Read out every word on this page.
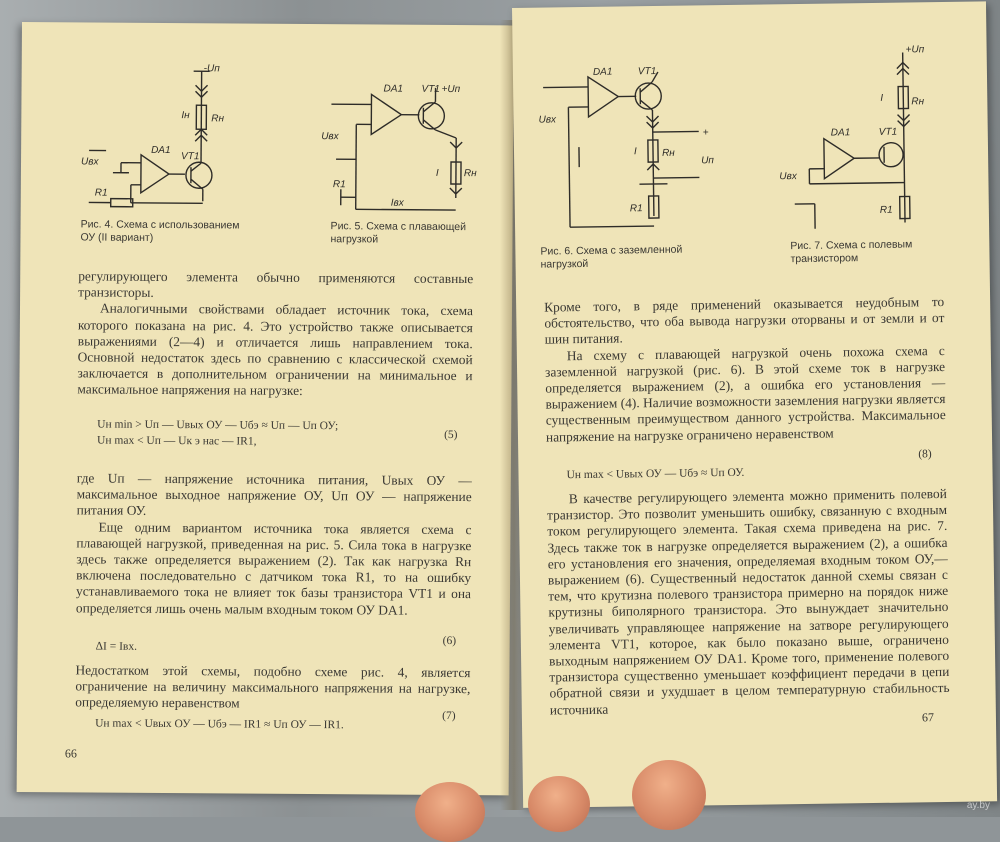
-Uп
Iн Rн
DA1
VT1
Uвх
R1
DA1 VT1 +Uп
Uвх
I	Rн
R1
Iвх
Рис. 4. Схема с использованием ОУ (II вариант)
Рис. 5. Схема с плавающей нагрузкой

регулирующего элемента обычно применяются составные транзисторы.

Аналогичными свойствами обладает источник тока, схема которого показана на рис. 4. Это устройство также описывается выражениями (2—4) и отличается лишь направлением тока. Основной недостаток здесь по сравнению с классической схемой заключается в дополнительном ограничении на минимальное и максимальное напряжения на нагрузке:

Uн min > Uп — Uвых ОУ — Uбэ ≈ Uп — Uп ОУ;
Uн max < Uп — Uк э нас — IR1,	(5)

где Uп — напряжение источника питания, Uвых ОУ — максимальное выходное напряжение ОУ, Uп ОУ — напряжение питания ОУ.

Еще одним вариантом источника тока является схема с плавающей нагрузкой, приведенная на рис. 5. Сила тока в нагрузке здесь также определяется выражением (2). Так как нагрузка Rн включена последовательно с датчиком тока R1, то на ошибку устанавливаемого тока не влияет ток базы транзистора VT1 и она определяется лишь очень малым входным током ОУ DA1.

ΔI = Iвх.	(6)

Недостатком этой схемы, подобно схеме рис. 4, является ограничение на величину максимального напряжения на нагрузке, определяемую неравенством

Uн max < Uвых ОУ — Uбэ — IR1 ≈ Uп ОУ — IR1.
(7)
66
DA1	VT1
Uвх
I	Rн
+
Uп
R1
+Uп
I	Rн
DA1	VT1
Uвх
R1
Рис. 6. Схема с заземленной нагрузкой
Рис. 7. Схема с полевым транзистором

Кроме того, в ряде применений оказывается неудобным то обстоятельство, что оба вывода нагрузки оторваны и от земли и от шин питания.

На схему с плавающей нагрузкой очень похожа схема с заземленной нагрузкой (рис. 6). В этой схеме ток в нагрузке определяется выражением (2), а ошибка его установления — выражением (4). Наличие возможности заземления нагрузки является существенным преимуществом данного устройства. Максимальное напряжение на нагрузке ограничено неравенством

Uн max < Uвых ОУ — Uбэ ≈ Uп ОУ.
(8)

В качестве регулирующего элемента можно применить полевой транзистор. Это позволит уменьшить ошибку, связанную с входным током регулирующего элемента. Такая схема приведена на рис. 7. Здесь также ток в нагрузке определяется выражением (2), а ошибка его установления его значения, определяемая входным током ОУ,— выражением (6). Существенный недостаток данной схемы связан с тем, что крутизна полевого транзистора примерно на порядок ниже крутизны биполярного транзистора. Это вынуждает значительно увеличивать управляющее напряжение на затворе регулирующего элемента VT1, которое, как было показано выше, ограничено выходным напряжением ОУ DA1. Кроме того, применение полевого транзистора существенно уменьшает коэффициент передачи в цепи обратной связи и ухудшает в целом температурную стабильность источника

67
ay.by
